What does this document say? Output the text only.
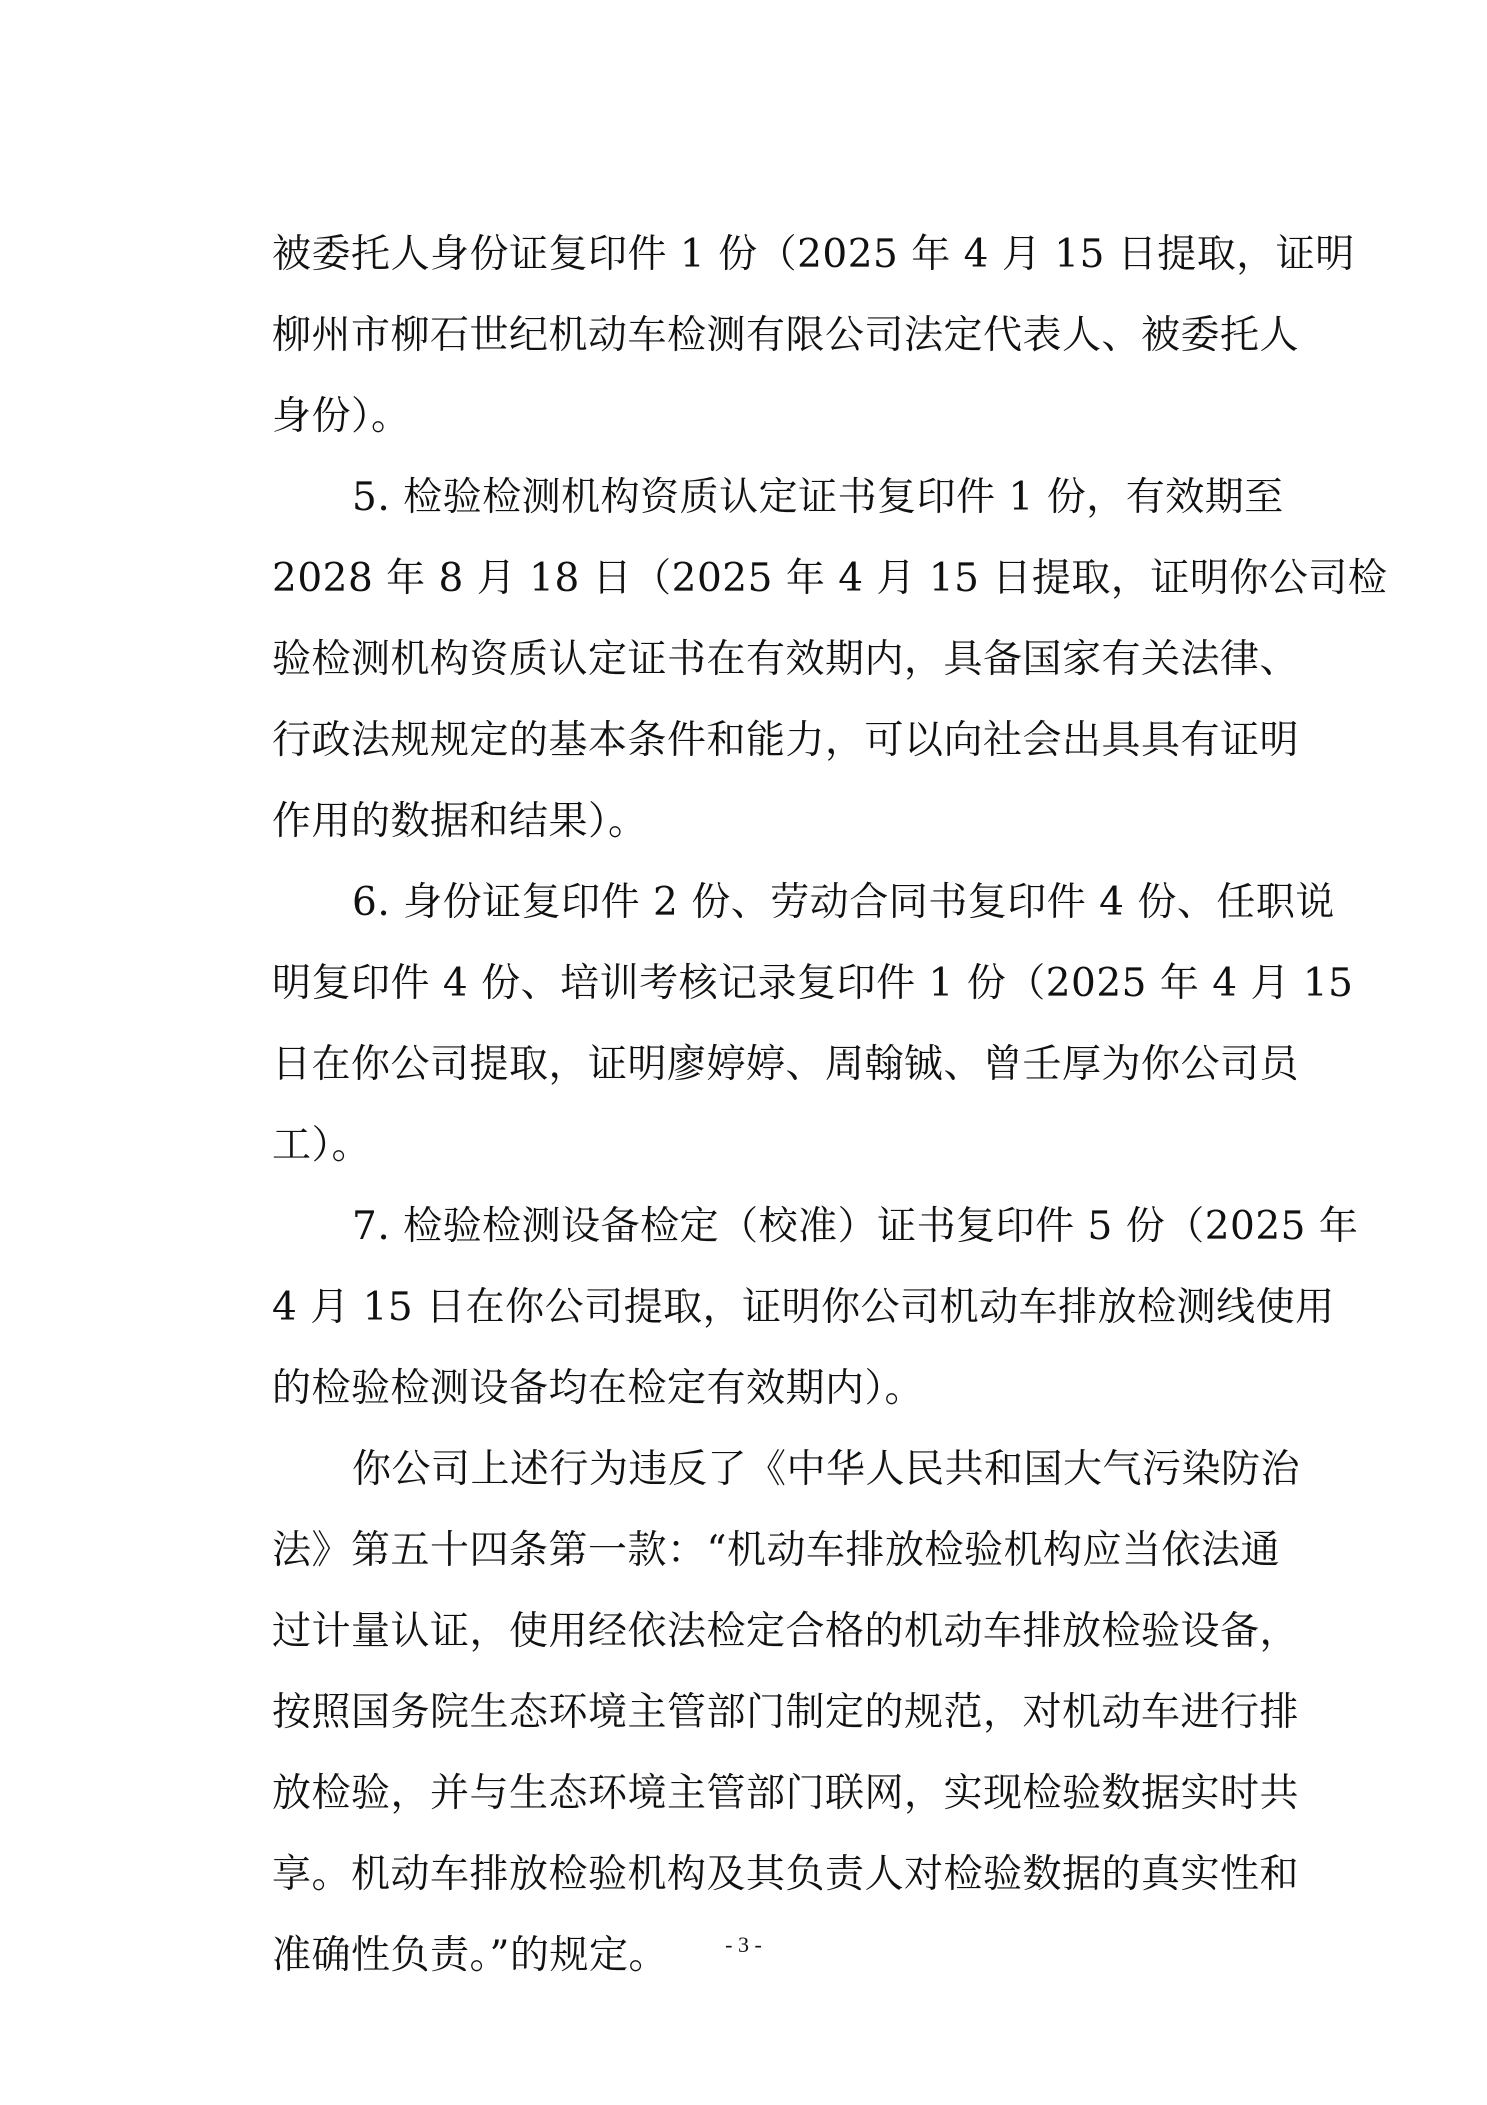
被委托人身份证复印件 1 份（2025 年 4 月 15 日提取，证明
柳州市柳石世纪机动车检测有限公司法定代表人、被委托人
身份）。

5. 检验检测机构资质认定证书复印件 1 份，有效期至
2028 年 8 月 18 日（2025 年 4 月 15 日提取，证明你公司检
验检测机构资质认定证书在有效期内，具备国家有关法律、
行政法规规定的基本条件和能力，可以向社会出具具有证明
作用的数据和结果）。

6. 身份证复印件 2 份、劳动合同书复印件 4 份、任职说
明复印件 4 份、培训考核记录复印件 1 份（2025 年 4 月 15
日在你公司提取，证明廖婷婷、周翰铖、曾壬厚为你公司员
工）。

7. 检验检测设备检定（校准）证书复印件 5 份（2025 年
4 月 15 日在你公司提取，证明你公司机动车排放检测线使用
的检验检测设备均在检定有效期内）。

你公司上述行为违反了《中华人民共和国大气污染防治
法》第五十四条第一款：“机动车排放检验机构应当依法通
过计量认证，使用经依法检定合格的机动车排放检验设备，
按照国务院生态环境主管部门制定的规范，对机动车进行排
放检验，并与生态环境主管部门联网，实现检验数据实时共
享。机动车排放检验机构及其负责人对检验数据的真实性和
准确性负责。”的规定。	- 3 -
